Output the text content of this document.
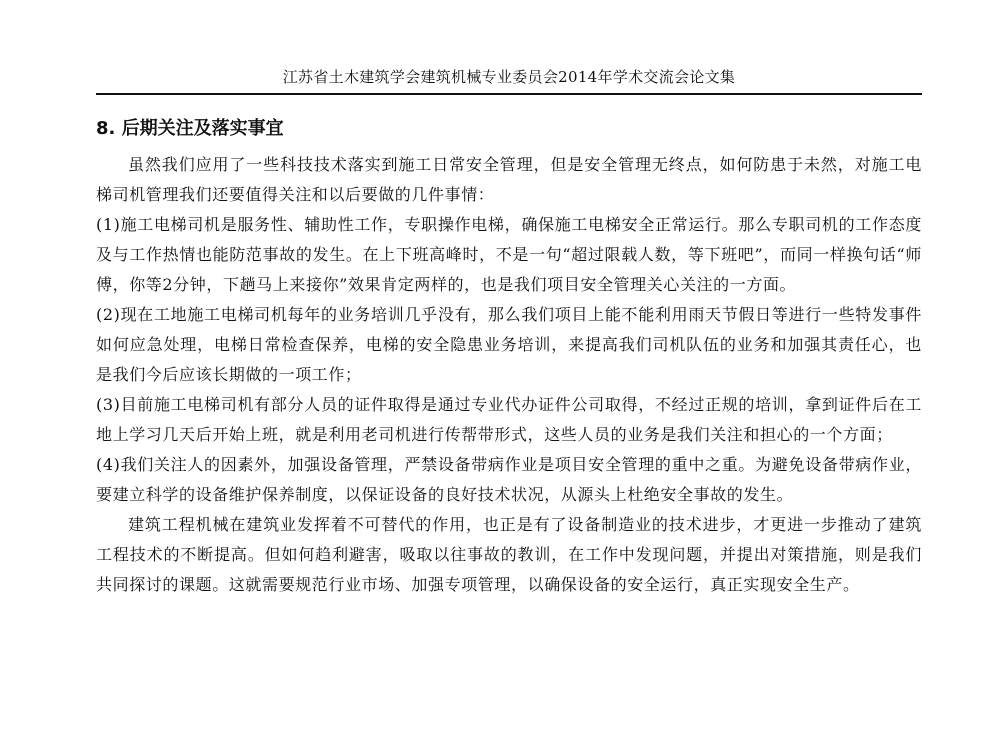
江苏省土木建筑学会建筑机械专业委员会2014年学术交流会论文集
8. 后期关注及落实事宜

虽然我们应用了一些科技技术落实到施工日常安全管理，但是安全管理无终点，如何防患于未然，对施工电梯司机管理我们还要值得关注和以后要做的几件事情：

(1)施工电梯司机是服务性、辅助性工作，专职操作电梯，确保施工电梯安全正常运行。那么专职司机的工作态度及与工作热情也能防范事故的发生。在上下班高峰时，不是一句“超过限载人数，等下班吧”，而同一样换句话“师傅，你等2分钟，下趟马上来接你”效果肯定两样的，也是我们项目安全管理关心关注的一方面。

(2)现在工地施工电梯司机每年的业务培训几乎没有，那么我们项目上能不能利用雨天节假日等进行一些特发事件如何应急处理，电梯日常检查保养，电梯的安全隐患业务培训，来提高我们司机队伍的业务和加强其责任心，也是我们今后应该长期做的一项工作；

(3)目前施工电梯司机有部分人员的证件取得是通过专业代办证件公司取得，不经过正规的培训，拿到证件后在工地上学习几天后开始上班，就是利用老司机进行传帮带形式，这些人员的业务是我们关注和担心的一个方面；

(4)我们关注人的因素外，加强设备管理，严禁设备带病作业是项目安全管理的重中之重。为避免设备带病作业，要建立科学的设备维护保养制度，以保证设备的良好技术状况，从源头上杜绝安全事故的发生。

建筑工程机械在建筑业发挥着不可替代的作用，也正是有了设备制造业的技术进步，才更进一步推动了建筑工程技术的不断提高。但如何趋利避害，吸取以往事故的教训，在工作中发现问题，并提出对策措施，则是我们共同探讨的课题。这就需要规范行业市场、加强专项管理，以确保设备的安全运行，真正实现安全生产。
